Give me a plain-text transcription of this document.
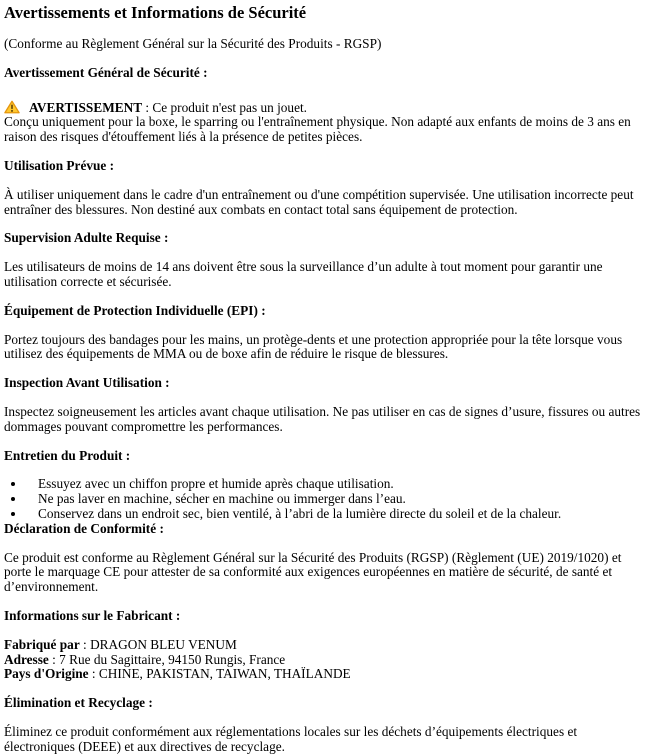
Avertissements et Informations de Sécurité

(Conforme au Règlement Général sur la Sécurité des Produits - RGSP)

Avertissement Général de Sécurité :

AVERTISSEMENT : Ce produit n'est pas un jouet.
Conçu uniquement pour la boxe, le sparring ou l'entraînement physique. Non adapté aux enfants de moins de 3 ans en raison des risques d'étouffement liés à la présence de petites pièces.

Utilisation Prévue :

À utiliser uniquement dans le cadre d'un entraînement ou d'une compétition supervisée. Une utilisation incorrecte peut entraîner des blessures. Non destiné aux combats en contact total sans équipement de protection.

Supervision Adulte Requise :

Les utilisateurs de moins de 14 ans doivent être sous la surveillance d’un adulte à tout moment pour garantir une utilisation correcte et sécurisée.

Équipement de Protection Individuelle (EPI) :

Portez toujours des bandages pour les mains, un protège-dents et une protection appropriée pour la tête lorsque vous utilisez des équipements de MMA ou de boxe afin de réduire le risque de blessures.

Inspection Avant Utilisation :

Inspectez soigneusement les articles avant chaque utilisation. Ne pas utiliser en cas de signes d’usure, fissures ou autres dommages pouvant compromettre les performances.

Entretien du Produit :

• Essuyez avec un chiffon propre et humide après chaque utilisation.
• Ne pas laver en machine, sécher en machine ou immerger dans l’eau.
• Conservez dans un endroit sec, bien ventilé, à l’abri de la lumière directe du soleil et de la chaleur.

Déclaration de Conformité :

Ce produit est conforme au Règlement Général sur la Sécurité des Produits (RGSP) (Règlement (UE) 2019/1020) et porte le marquage CE pour attester de sa conformité aux exigences européennes en matière de sécurité, de santé et d’environnement.

Informations sur le Fabricant :

Fabriqué par : DRAGON BLEU VENUM
Adresse : 7 Rue du Sagittaire, 94150 Rungis, France
Pays d'Origine : CHINE, PAKISTAN, TAIWAN, THAÏLANDE

Élimination et Recyclage :

Éliminez ce produit conformément aux réglementations locales sur les déchets d’équipements électriques et électroniques (DEEE) et aux directives de recyclage.
